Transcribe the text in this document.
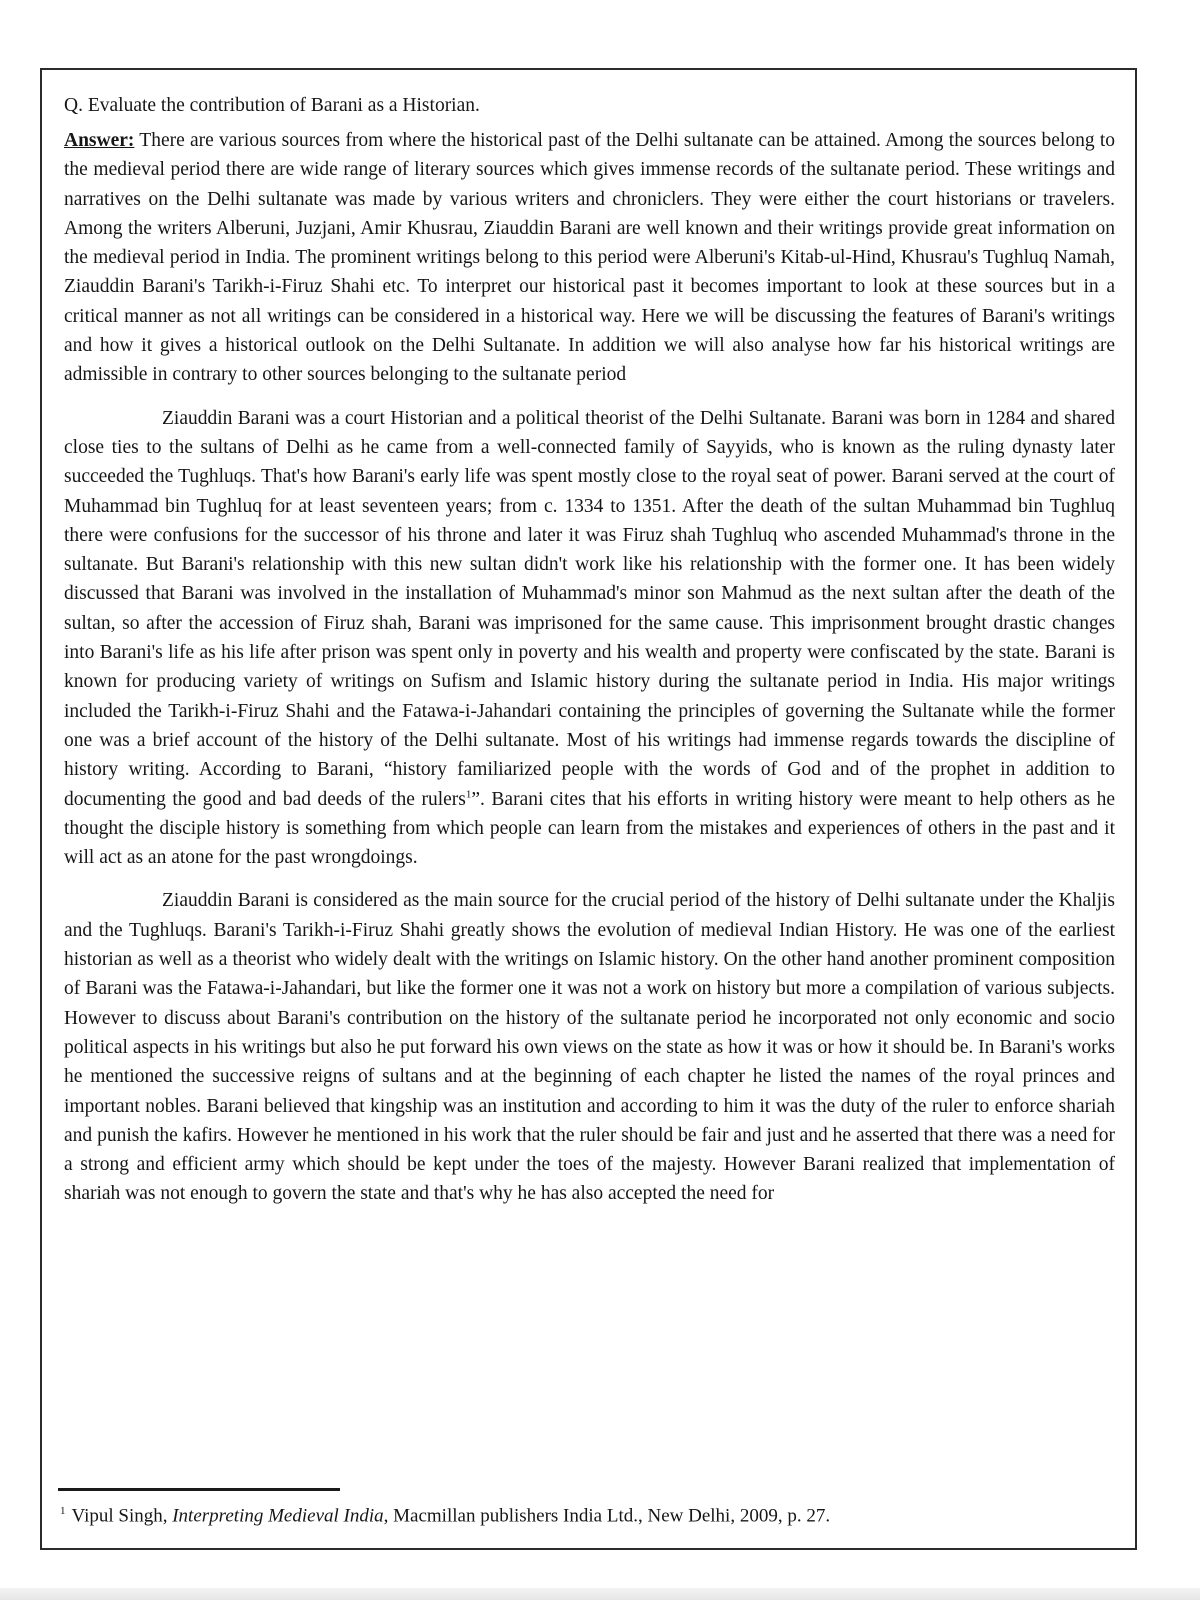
Q. Evaluate the contribution of Barani as a Historian.

Answer: There are various sources from where the historical past of the Delhi sultanate can be attained. Among the sources belong to the medieval period there are wide range of literary sources which gives immense records of the sultanate period. These writings and narratives on the Delhi sultanate was made by various writers and chroniclers. They were either the court historians or travelers. Among the writers Alberuni, Juzjani, Amir Khusrau, Ziauddin Barani are well known and their writings provide great information on the medieval period in India. The prominent writings belong to this period were Alberuni's Kitab-ul-Hind, Khusrau's Tughluq Namah, Ziauddin Barani's Tarikh-i-Firuz Shahi etc. To interpret our historical past it becomes important to look at these sources but in a critical manner as not all writings can be considered in a historical way. Here we will be discussing the features of Barani's writings and how it gives a historical outlook on the Delhi Sultanate. In addition we will also analyse how far his historical writings are admissible in contrary to other sources belonging to the sultanate period

Ziauddin Barani was a court Historian and a political theorist of the Delhi Sultanate. Barani was born in 1284 and shared close ties to the sultans of Delhi as he came from a well-connected family of Sayyids, who is known as the ruling dynasty later succeeded the Tughluqs. That's how Barani's early life was spent mostly close to the royal seat of power. Barani served at the court of Muhammad bin Tughluq for at least seventeen years; from c. 1334 to 1351. After the death of the sultan Muhammad bin Tughluq there were confusions for the successor of his throne and later it was Firuz shah Tughluq who ascended Muhammad's throne in the sultanate. But Barani's relationship with this new sultan didn't work like his relationship with the former one. It has been widely discussed that Barani was involved in the installation of Muhammad's minor son Mahmud as the next sultan after the death of the sultan, so after the accession of Firuz shah, Barani was imprisoned for the same cause. This imprisonment brought drastic changes into Barani's life as his life after prison was spent only in poverty and his wealth and property were confiscated by the state. Barani is known for producing variety of writings on Sufism and Islamic history during the sultanate period in India. His major writings included the Tarikh-i-Firuz Shahi and the Fatawa-i-Jahandari containing the principles of governing the Sultanate while the former one was a brief account of the history of the Delhi sultanate. Most of his writings had immense regards towards the discipline of history writing. According to Barani, “history familiarized people with the words of God and of the prophet in addition to documenting the good and bad deeds of the rulers$^1$”. Barani cites that his efforts in writing history were meant to help others as he thought the disciple history is something from which people can learn from the mistakes and experiences of others in the past and it will act as an atone for the past wrongdoings.

Ziauddin Barani is considered as the main source for the crucial period of the history of Delhi sultanate under the Khaljis and the Tughluqs. Barani's Tarikh-i-Firuz Shahi greatly shows the evolution of medieval Indian History. He was one of the earliest historian as well as a theorist who widely dealt with the writings on Islamic history. On the other hand another prominent composition of Barani was the Fatawa-i-Jahandari, but like the former one it was not a work on history but more a compilation of various subjects. However to discuss about Barani's contribution on the history of the sultanate period he incorporated not only economic and socio political aspects in his writings but also he put forward his own views on the state as how it was or how it should be. In Barani's works he mentioned the successive reigns of sultans and at the beginning of each chapter he listed the names of the royal princes and important nobles. Barani believed that kingship was an institution and according to him it was the duty of the ruler to enforce shariah and punish the kafirs. However he mentioned in his work that the ruler should be fair and just and he asserted that there was a need for a strong and efficient army which should be kept under the toes of the majesty. However Barani realized that implementation of shariah was not enough to govern the state and that's why he has also accepted the need for

$^1$ Vipul Singh, Interpreting Medieval India, Macmillan publishers India Ltd., New Delhi, 2009, p. 27.
